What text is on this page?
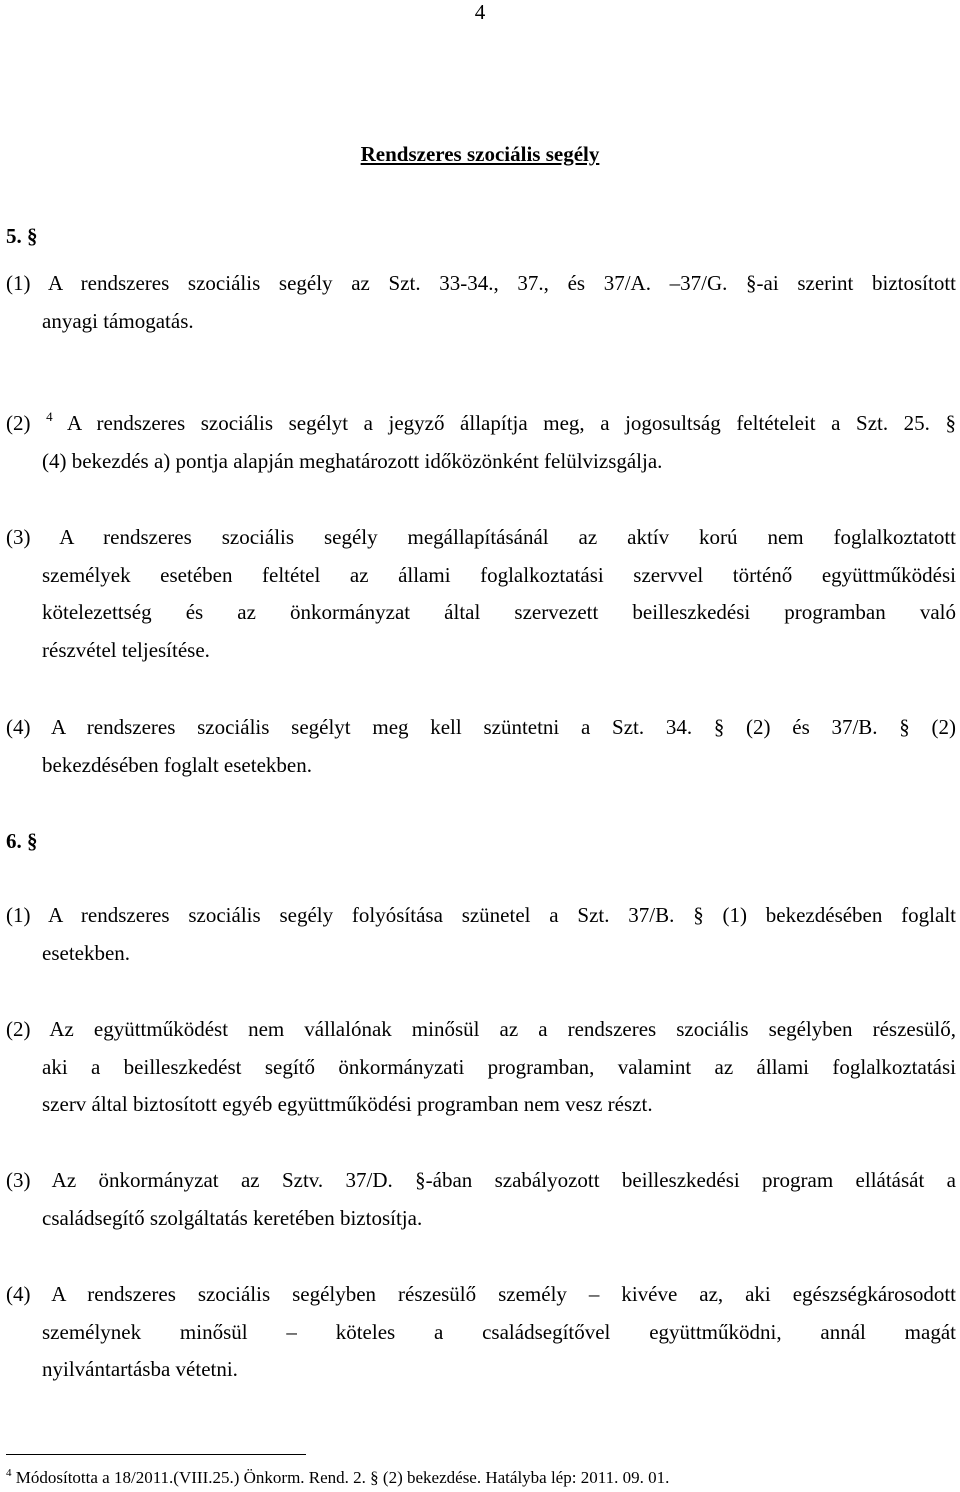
4
Rendszeres szociális segély
5. §
(1) A rendszeres szociális segély az Szt. 33-34., 37., és 37/A. –37/G. §-ai szerint biztosított
anyagi támogatás.
(2) $^4$ A rendszeres szociális segélyt a jegyző állapítja meg, a jogosultság feltételeit a Szt. 25. §
(4) bekezdés a) pontja alapján meghatározott időközönként felülvizsgálja.
(3) A rendszeres szociális segély megállapításánál az aktív korú nem foglalkoztatott
személyek esetében feltétel az állami foglalkoztatási szervvel történő együttműködési
kötelezettség és az önkormányzat által szervezett beilleszkedési programban való
részvétel teljesítése.
(4) A rendszeres szociális segélyt meg kell szüntetni a Szt. 34. § (2) és 37/B. § (2)
bekezdésében foglalt esetekben.
6. §
(1) A rendszeres szociális segély folyósítása szünetel a Szt. 37/B. § (1) bekezdésében foglalt
esetekben.
(2) Az együttműködést nem vállalónak minősül az a rendszeres szociális segélyben részesülő,
aki a beilleszkedést segítő önkormányzati programban, valamint az állami foglalkoztatási
szerv által biztosított egyéb együttműködési programban nem vesz részt.
(3) Az önkormányzat az Sztv. 37/D. §-ában szabályozott beilleszkedési program ellátását a
családsegítő szolgáltatás keretében biztosítja.
(4) A rendszeres szociális segélyben részesülő személy – kivéve az, aki egészségkárosodott
személynek minősül – köteles a családsegítővel együttműködni, annál magát
nyilvántartásba vétetni.
$^4$ Módosította a 18/2011.(VIII.25.) Önkorm. Rend. 2. § (2) bekezdése. Hatályba lép: 2011. 09. 01.
